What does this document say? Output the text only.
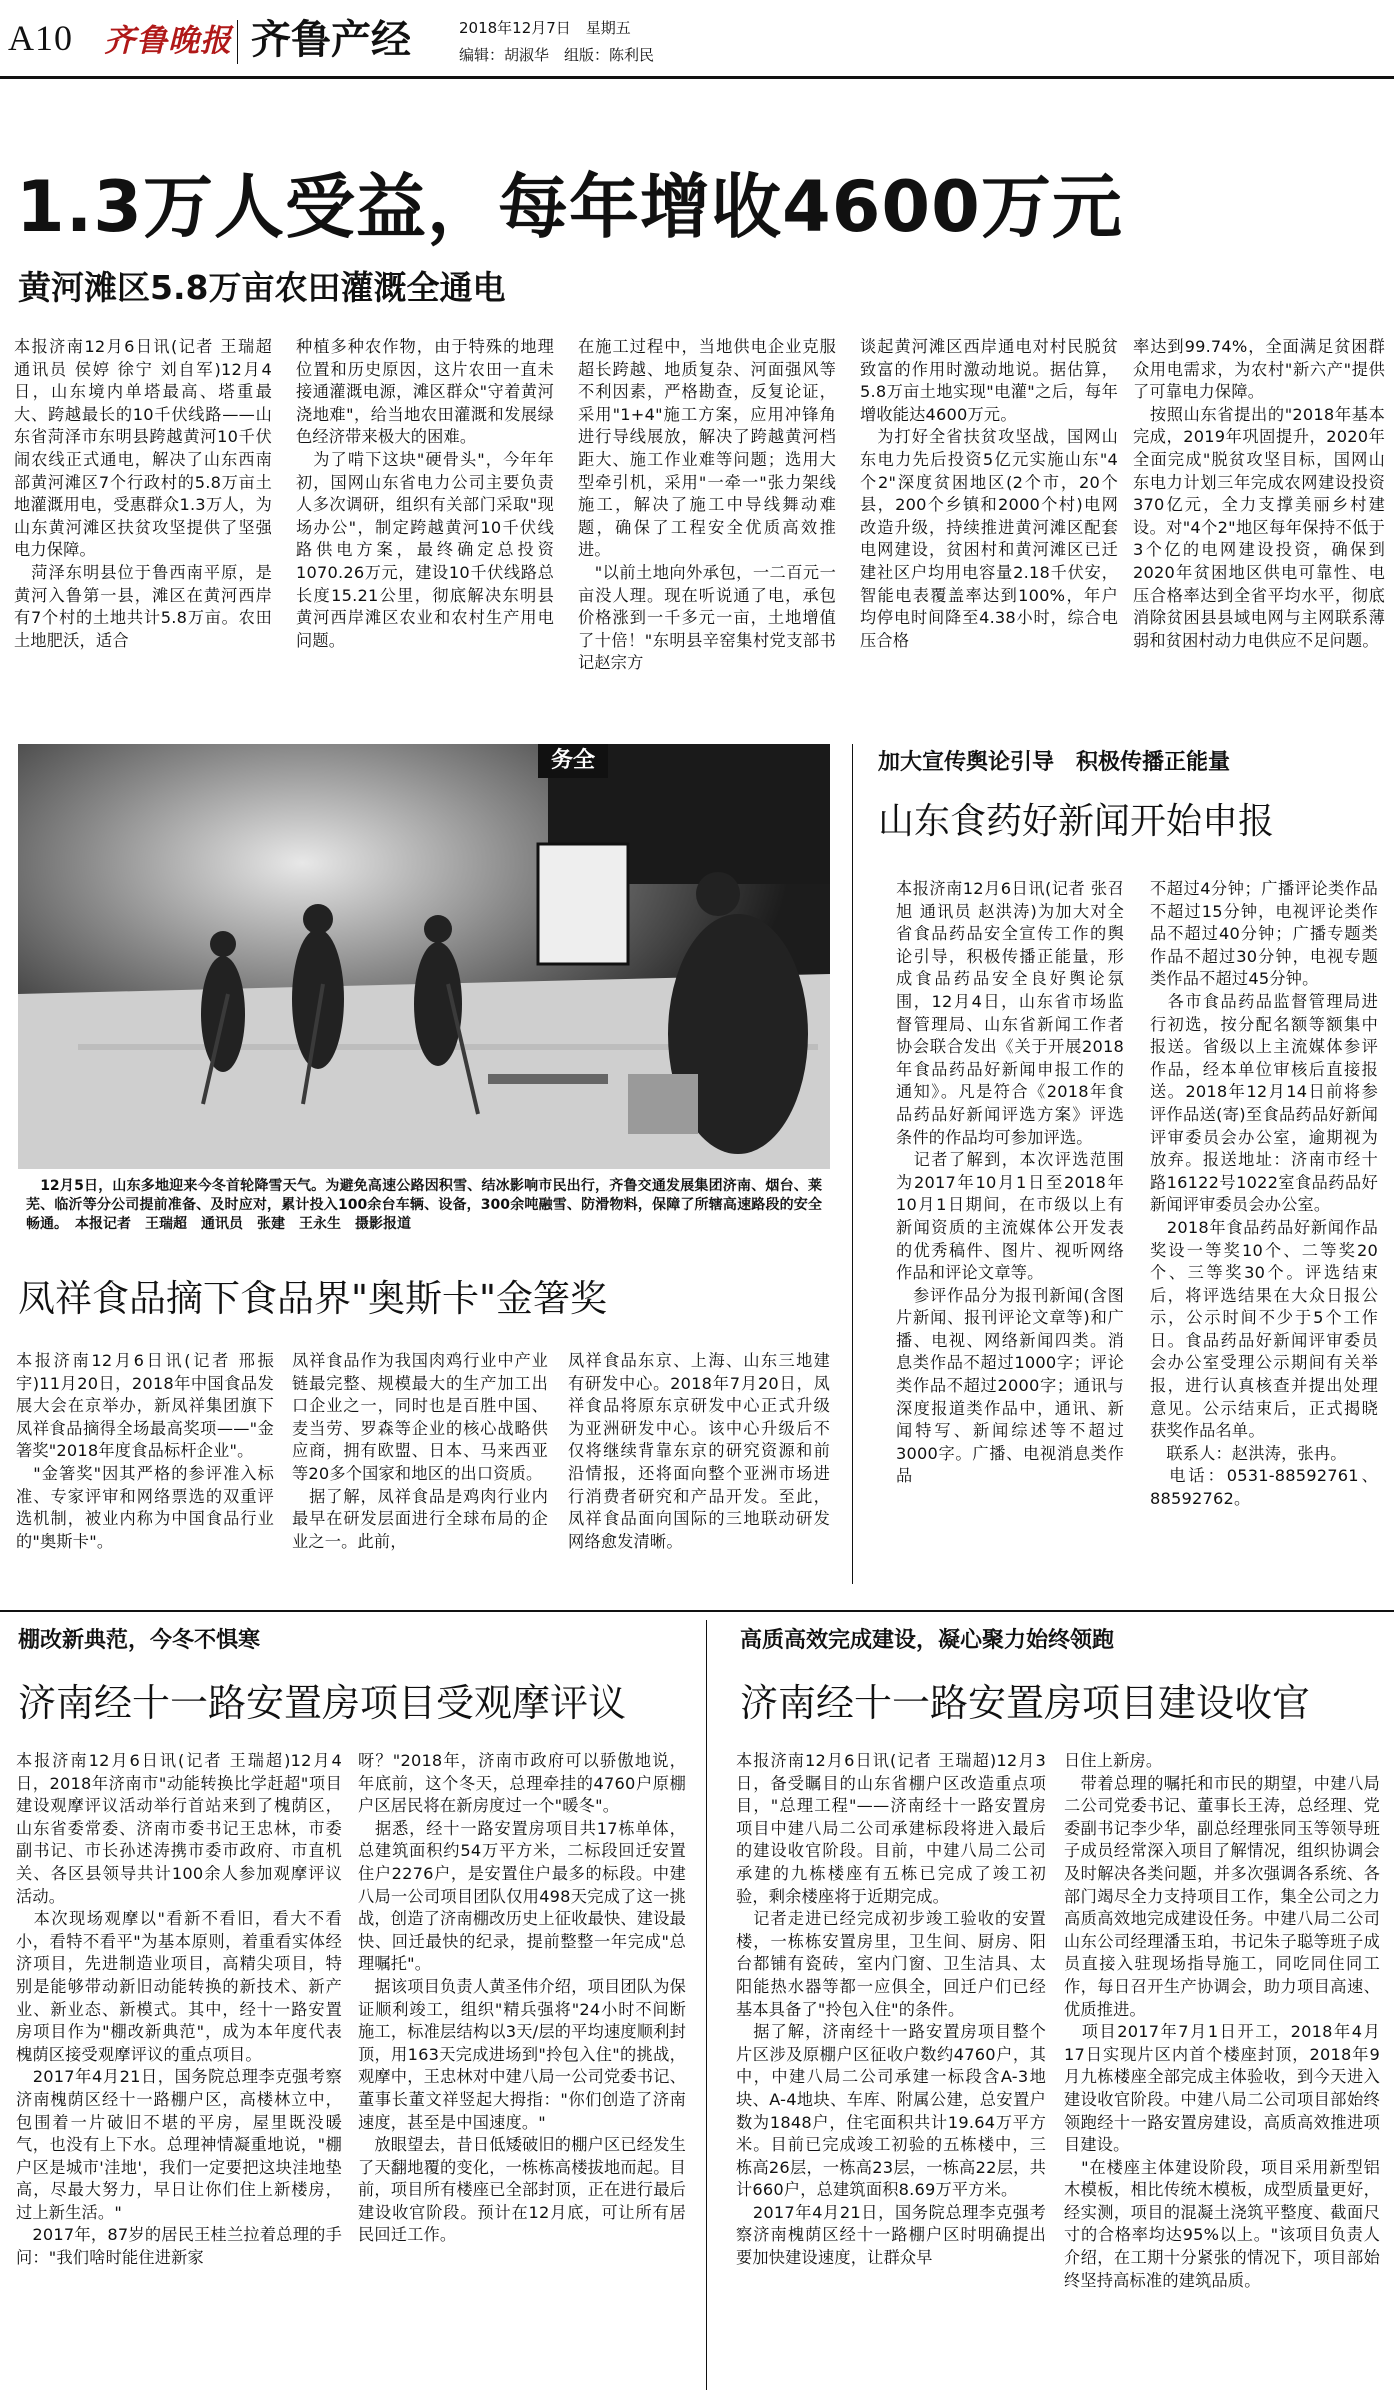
A10 齐鲁晚报 齐鲁产经	2018年12月7日　星期五
编辑：胡淑华　组版：陈利民
1.3万人受益，每年增收4600万元
黄河滩区5.8万亩农田灌溉全通电
本报济南12月6日讯(记者 王瑞超 通讯员 侯婷 徐宁 刘自军)12月4日，山东境内单塔最高、塔重最大、跨越最长的10千伏线路——山东省菏泽市东明县跨越黄河10千伏闹农线正式通电，解决了山东西南部黄河滩区7个行政村的5.8万亩土地灌溉用电，受惠群众1.3万人，为山东黄河滩区扶贫攻坚提供了坚强电力保障。
　菏泽东明县位于鲁西南平原，是黄河入鲁第一县，滩区在黄河西岸有7个村的土地共计5.8万亩。农田土地肥沃，适合
种植多种农作物，由于特殊的地理位置和历史原因，这片农田一直未接通灌溉电源，滩区群众"守着黄河浇地难"，给当地农田灌溉和发展绿色经济带来极大的困难。
　为了啃下这块"硬骨头"，今年年初，国网山东省电力公司主要负责人多次调研，组织有关部门采取"现场办公"，制定跨越黄河10千伏线路供电方案，最终确定总投资1070.26万元，建设10千伏线路总长度15.21公里，彻底解决东明县黄河西岸滩区农业和农村生产用电问题。
在施工过程中，当地供电企业克服超长跨越、地质复杂、河面强风等不利因素，严格勘查，反复论证，采用"1+4"施工方案，应用冲锋角进行导线展放，解决了跨越黄河档距大、施工作业难等问题；选用大型牵引机，采用"一牵一"张力架线施工，解决了施工中导线舞动难题，确保了工程安全优质高效推进。
　"以前土地向外承包，一二百元一亩没人理。现在听说通了电，承包价格涨到一千多元一亩，土地增值了十倍！"东明县辛窑集村党支部书记赵宗方
谈起黄河滩区西岸通电对村民脱贫致富的作用时激动地说。据估算，5.8万亩土地实现"电灌"之后，每年增收能达4600万元。
　为打好全省扶贫攻坚战，国网山东电力先后投资5亿元实施山东"4个2"深度贫困地区(2个市，20个县，200个乡镇和2000个村)电网改造升级，持续推进黄河滩区配套电网建设，贫困村和黄河滩区已迁建社区户均用电容量2.18千伏安，智能电表覆盖率达到100%，年户均停电时间降至4.38小时，综合电压合格
率达到99.74%，全面满足贫困群众用电需求，为农村"新六产"提供了可靠电力保障。
　按照山东省提出的"2018年基本完成，2019年巩固提升，2020年全面完成"脱贫攻坚目标，国网山东电力计划三年完成农网建设投资370亿元，全力支撑美丽乡村建设。对"4个2"地区每年保持不低于3个亿的电网建设投资，确保到2020年贫困地区供电可靠性、电压合格率达到全省平均水平，彻底消除贫困县县域电网与主网联系薄弱和贫困村动力电供应不足问题。
务全
　12月5日，山东多地迎来今冬首轮降雪天气。为避免高速公路因积雪、结冰影响市民出行，齐鲁交通发展集团济南、烟台、莱芜、临沂等分公司提前准备、及时应对，累计投入100余台车辆、设备，300余吨融雪、防滑物料，保障了所辖高速路段的安全畅通。　本报记者　王瑞超　通讯员　张建　王永生　摄影报道
加大宣传舆论引导　积极传播正能量
山东食药好新闻开始申报
本报济南12月6日讯(记者 张召旭 通讯员 赵洪涛)为加大对全省食品药品安全宣传工作的舆论引导，积极传播正能量，形成食品药品安全良好舆论氛围，12月4日，山东省市场监督管理局、山东省新闻工作者协会联合发出《关于开展2018年食品药品好新闻申报工作的通知》。凡是符合《2018年食品药品好新闻评选方案》评选条件的作品均可参加评选。
　记者了解到，本次评选范围为2017年10月1日至2018年10月1日期间，在市级以上有新闻资质的主流媒体公开发表的优秀稿件、图片、视听网络作品和评论文章等。
　参评作品分为报刊新闻(含图片新闻、报刊评论文章等)和广播、电视、网络新闻四类。消息类作品不超过1000字；评论类作品不超过2000字；通讯与深度报道类作品中，通讯、新闻特写、新闻综述等不超过3000字。广播、电视消息类作品
不超过4分钟；广播评论类作品不超过15分钟，电视评论类作品不超过40分钟；广播专题类作品不超过30分钟，电视专题类作品不超过45分钟。
　各市食品药品监督管理局进行初选，按分配名额等额集中报送。省级以上主流媒体参评作品，经本单位审核后直接报送。2018年12月14日前将参评作品送(寄)至食品药品好新闻评审委员会办公室，逾期视为放弃。报送地址：济南市经十路16122号1022室食品药品好新闻评审委员会办公室。
　2018年食品药品好新闻作品奖设一等奖10个、二等奖20个、三等奖30个。评选结束后，将评选结果在大众日报公示，公示时间不少于5个工作日。食品药品好新闻评审委员会办公室受理公示期间有关举报，进行认真核查并提出处理意见。公示结束后，正式揭晓获奖作品名单。
　联系人：赵洪涛，张冉。
　电话：0531-88592761、88592762。
凤祥食品摘下食品界"奥斯卡"金箸奖
本报济南12月6日讯(记者 邢振宇)11月20日，2018年中国食品发展大会在京举办，新凤祥集团旗下凤祥食品摘得全场最高奖项——"金箸奖"2018年度食品标杆企业"。
　"金箸奖"因其严格的参评准入标准、专家评审和网络票选的双重评选机制，被业内称为中国食品行业的"奥斯卡"。
凤祥食品作为我国肉鸡行业中产业链最完整、规模最大的生产加工出口企业之一，同时也是百胜中国、麦当劳、罗森等企业的核心战略供应商，拥有欧盟、日本、马来西亚等20多个国家和地区的出口资质。
　据了解，凤祥食品是鸡肉行业内最早在研发层面进行全球布局的企业之一。此前，
凤祥食品东京、上海、山东三地建有研发中心。2018年7月20日，凤祥食品将原东京研发中心正式升级为亚洲研发中心。该中心升级后不仅将继续背靠东京的研究资源和前沿情报，还将面向整个亚洲市场进行消费者研究和产品开发。至此，凤祥食品面向国际的三地联动研发网络愈发清晰。
棚改新典范，今冬不惧寒
济南经十一路安置房项目受观摩评议
本报济南12月6日讯(记者 王瑞超)12月4日，2018年济南市"动能转换比学赶超"项目建设观摩评议活动举行首站来到了槐荫区，山东省委常委、济南市委书记王忠林，市委副书记、市长孙述涛携市委市政府、市直机关、各区县领导共计100余人参加观摩评议活动。
　本次现场观摩以"看新不看旧，看大不看小，看特不看平"为基本原则，着重看实体经济项目，先进制造业项目，高精尖项目，特别是能够带动新旧动能转换的新技术、新产业、新业态、新模式。其中，经十一路安置房项目作为"棚改新典范"，成为本年度代表槐荫区接受观摩评议的重点项目。
　2017年4月21日，国务院总理李克强考察济南槐荫区经十一路棚户区，高楼林立中，包围着一片破旧不堪的平房，屋里既没暖气，也没有上下水。总理神情凝重地说，"棚户区是城市'洼地'，我们一定要把这块洼地垫高，尽最大努力，早日让你们住上新楼房，过上新生活。"
　2017年，87岁的居民王桂兰拉着总理的手问："我们啥时能住进新家
呀？"2018年，济南市政府可以骄傲地说，年底前，这个冬天，总理牵挂的4760户原棚户区居民将在新房度过一个"暖冬"。
　据悉，经十一路安置房项目共17栋单体，总建筑面积约54万平方米，二标段回迁安置住户2276户，是安置住户最多的标段。中建八局一公司项目团队仅用498天完成了这一挑战，创造了济南棚改历史上征收最快、建设最快、回迁最快的纪录，提前整整一年完成"总理嘱托"。
　据该项目负责人黄圣伟介绍，项目团队为保证顺利竣工，组织"精兵强将"24小时不间断施工，标准层结构以3天/层的平均速度顺利封顶，用163天完成进场到"拎包入住"的挑战，观摩中，王忠林对中建八局一公司党委书记、董事长董文祥竖起大拇指："你们创造了济南速度，甚至是中国速度。"
　放眼望去，昔日低矮破旧的棚户区已经发生了天翻地覆的变化，一栋栋高楼拔地而起。目前，项目所有楼座已全部封顶，正在进行最后建设收官阶段。预计在12月底，可让所有居民回迁工作。
高质高效完成建设，凝心聚力始终领跑
济南经十一路安置房项目建设收官
本报济南12月6日讯(记者 王瑞超)12月3日，备受瞩目的山东省棚户区改造重点项目，"总理工程"——济南经十一路安置房项目中建八局二公司承建标段将进入最后的建设收官阶段。目前，中建八局二公司承建的九栋楼座有五栋已完成了竣工初验，剩余楼座将于近期完成。
　记者走进已经完成初步竣工验收的安置楼，一栋栋安置房里，卫生间、厨房、阳台都铺有瓷砖，室内门窗、卫生洁具、太阳能热水器等都一应俱全，回迁户们已经基本具备了"拎包入住"的条件。
　据了解，济南经十一路安置房项目整个片区涉及原棚户区征收户数约4760户，其中，中建八局二公司承建一标段含A-3地块、A-4地块、车库、附属公建，总安置户数为1848户，住宅面积共计19.64万平方米。目前已完成竣工初验的五栋楼中，三栋高26层，一栋高23层，一栋高22层，共计660户，总建筑面积8.69万平方米。
　2017年4月21日，国务院总理李克强考察济南槐荫区经十一路棚户区时明确提出要加快建设速度，让群众早
日住上新房。
　带着总理的嘱托和市民的期望，中建八局二公司党委书记、董事长王涛，总经理、党委副书记李少华，副总经理张同玉等领导班子成员经常深入项目了解情况，组织协调会及时解决各类问题，并多次强调各系统、各部门竭尽全力支持项目工作，集全公司之力高质高效地完成建设任务。中建八局二公司山东公司经理潘玉珀，书记朱子聪等班子成员直接入驻现场指导施工，同吃同住同工作，每日召开生产协调会，助力项目高速、优质推进。
　项目2017年7月1日开工，2018年4月17日实现片区内首个楼座封顶，2018年9月九栋楼座全部完成主体验收，到今天进入建设收官阶段。中建八局二公司项目部始终领跑经十一路安置房建设，高质高效推进项目建设。
　"在楼座主体建设阶段，项目采用新型铝木模板，相比传统木模板，成型质量更好，经实测，项目的混凝土浇筑平整度、截面尺寸的合格率均达95%以上。"该项目负责人介绍，在工期十分紧张的情况下，项目部始终坚持高标准的建筑品质。
